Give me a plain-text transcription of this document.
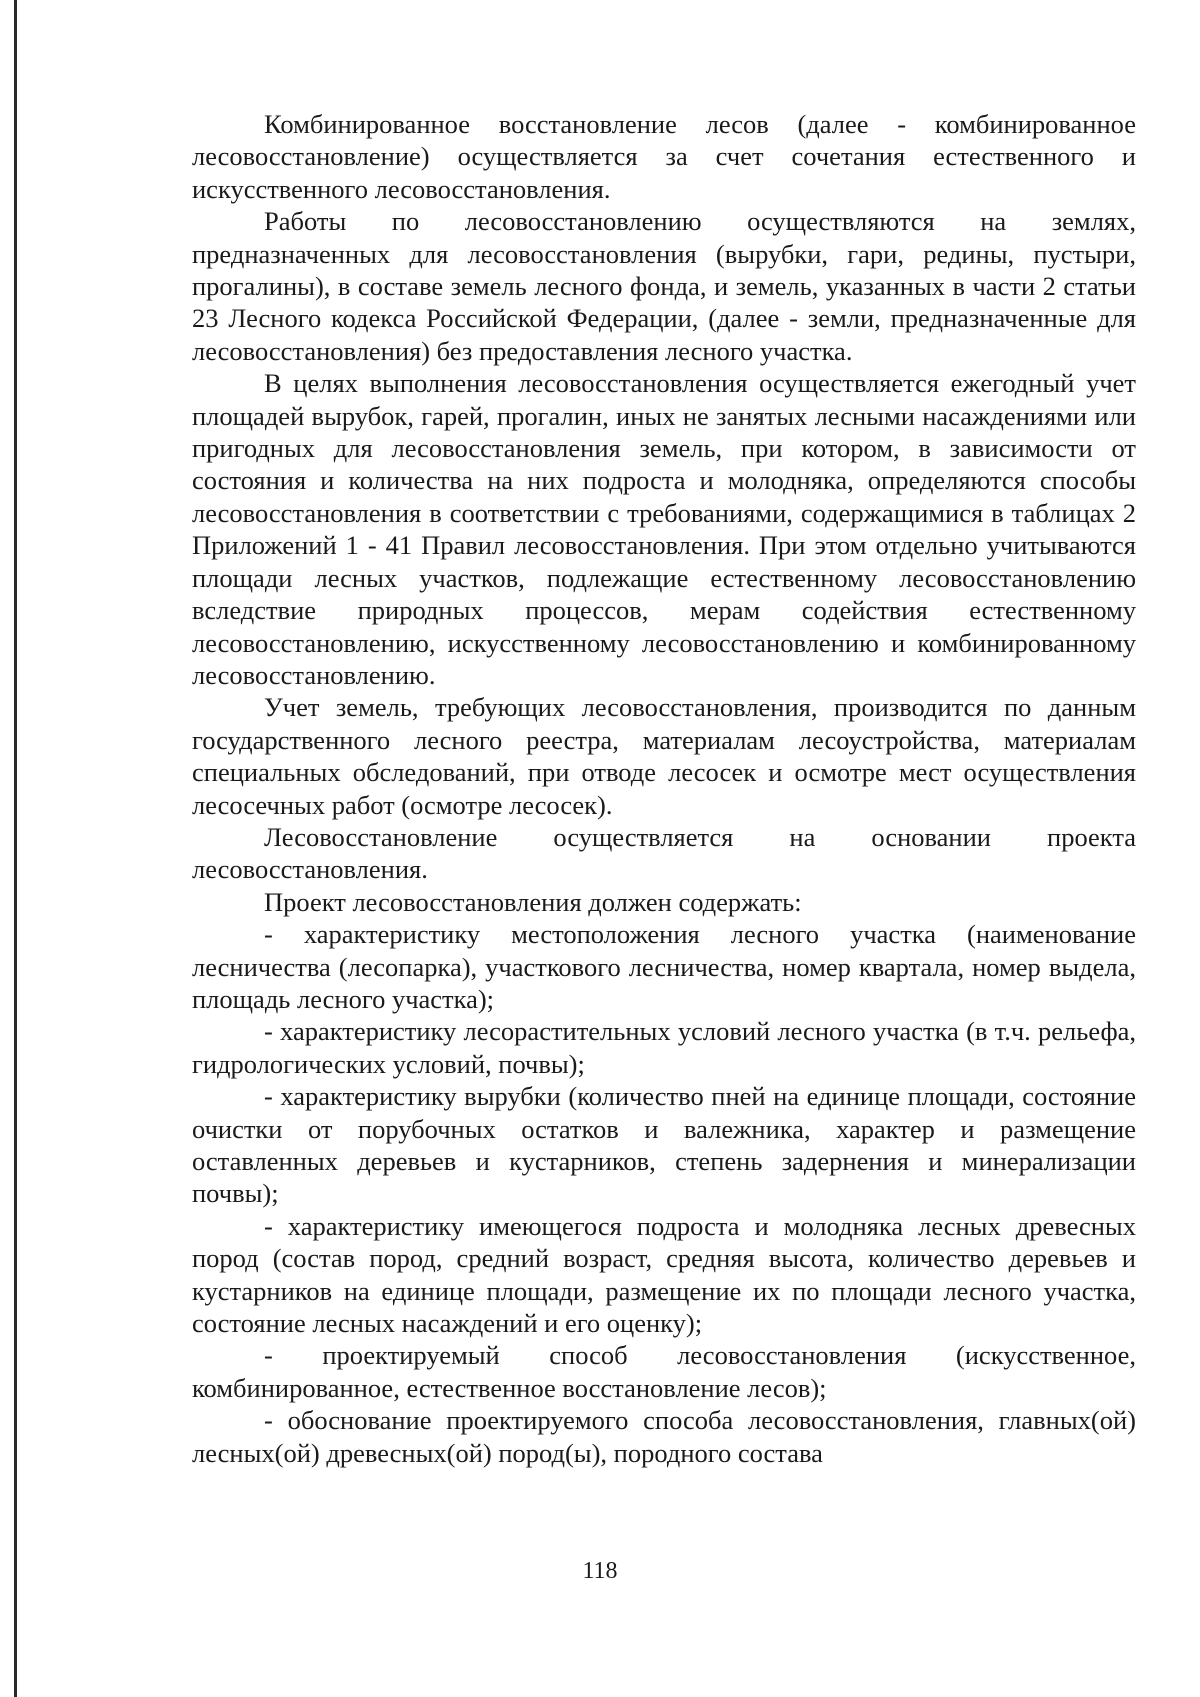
Комбинированное восстановление лесов (далее - комбинированное лесовосстановление) осуществляется за счет сочетания естественного и искусственного лесовосстановления.

Работы по лесовосстановлению осуществляются на землях, предназначенных для лесовосстановления (вырубки, гари, редины, пустыри, прогалины), в составе земель лесного фонда, и земель, указанных в части 2 статьи 23 Лесного кодекса Российской Федерации, (далее - земли, предназначенные для лесовосстановления) без предоставления лесного участка.

В целях выполнения лесовосстановления осуществляется ежегодный учет площадей вырубок, гарей, прогалин, иных не занятых лесными насаждениями или пригодных для лесовосстановления земель, при котором, в зависимости от состояния и количества на них подроста и молодняка, определяются способы лесовосстановления в соответствии с требованиями, содержащимися в таблицах 2 Приложений 1 - 41 Правил лесовосстановления. При этом отдельно учитываются площади лесных участков, подлежащие естественному лесовосстановлению вследствие природных процессов, мерам содействия естественному лесовосстановлению, искусственному лесовосстановлению и комбинированному лесовосстановлению.

Учет земель, требующих лесовосстановления, производится по данным государственного лесного реестра, материалам лесоустройства, материалам специальных обследований, при отводе лесосек и осмотре мест осуществления лесосечных работ (осмотре лесосек).

Лесовосстановление осуществляется на основании проекта лесовосстановления.

Проект лесовосстановления должен содержать:

- характеристику местоположения лесного участка (наименование лесничества (лесопарка), участкового лесничества, номер квартала, номер выдела, площадь лесного участка);

- характеристику лесорастительных условий лесного участка (в т.ч. рельефа, гидрологических условий, почвы);

- характеристику вырубки (количество пней на единице площади, состояние очистки от порубочных остатков и валежника, характер и размещение оставленных деревьев и кустарников, степень задернения и минерализации почвы);

- характеристику имеющегося подроста и молодняка лесных древесных пород (состав пород, средний возраст, средняя высота, количество деревьев и кустарников на единице площади, размещение их по площади лесного участка, состояние лесных насаждений и его оценку);

- проектируемый способ лесовосстановления (искусственное, комбинированное, естественное восстановление лесов);

- обоснование проектируемого способа лесовосстановления, главных(ой) лесных(ой) древесных(ой) пород(ы), породного состава

118
